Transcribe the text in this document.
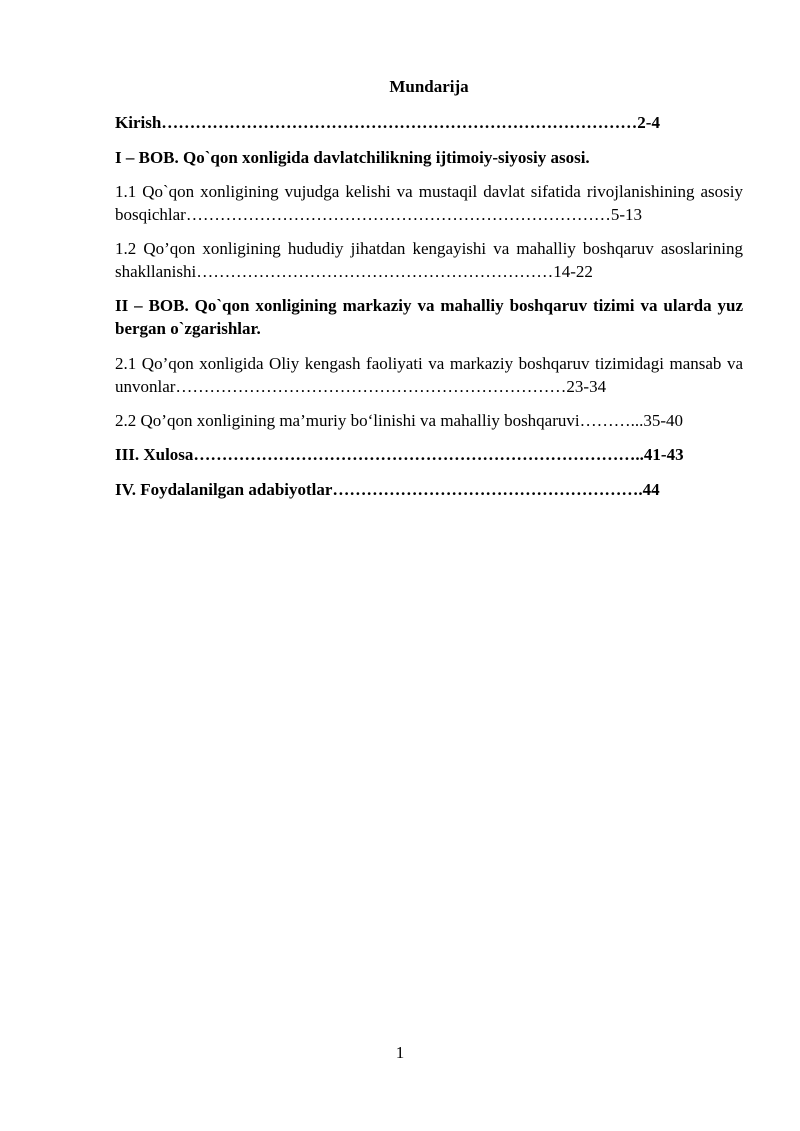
Mundarija
Kirish…………………………………………………………………………2-4
I – BOB. Qo`qon xonligida davlatchilikning ijtimoiy-siyosiy asosi.
1.1 Qo`qon xonligining vujudga kelishi va mustaqil davlat sifatida rivojlanishining asosiy bosqichlar…………………………………………………………………5-13
1.2 Qo’qon xonligining hududiy jihatdan kengayishi va mahalliy boshqaruv asoslarining shakllanishi………………………………………………………14-22
II – BOB. Qo`qon xonligining markaziy va mahalliy boshqaruv tizimi va ularda yuz bergan o`zgarishlar.
2.1 Qo’qon xonligida Oliy kengash faoliyati va markaziy boshqaruv tizimidagi mansab va unvonlar……………………………………………………………23-34
2.2 Qo’qon xonligining ma’muriy bo‘linishi va mahalliy boshqaruvi………...35-40
III. Xulosa……………………………………………………………………..41-43
IV. Foydalanilgan adabiyotlar……………………………………………….44
1
